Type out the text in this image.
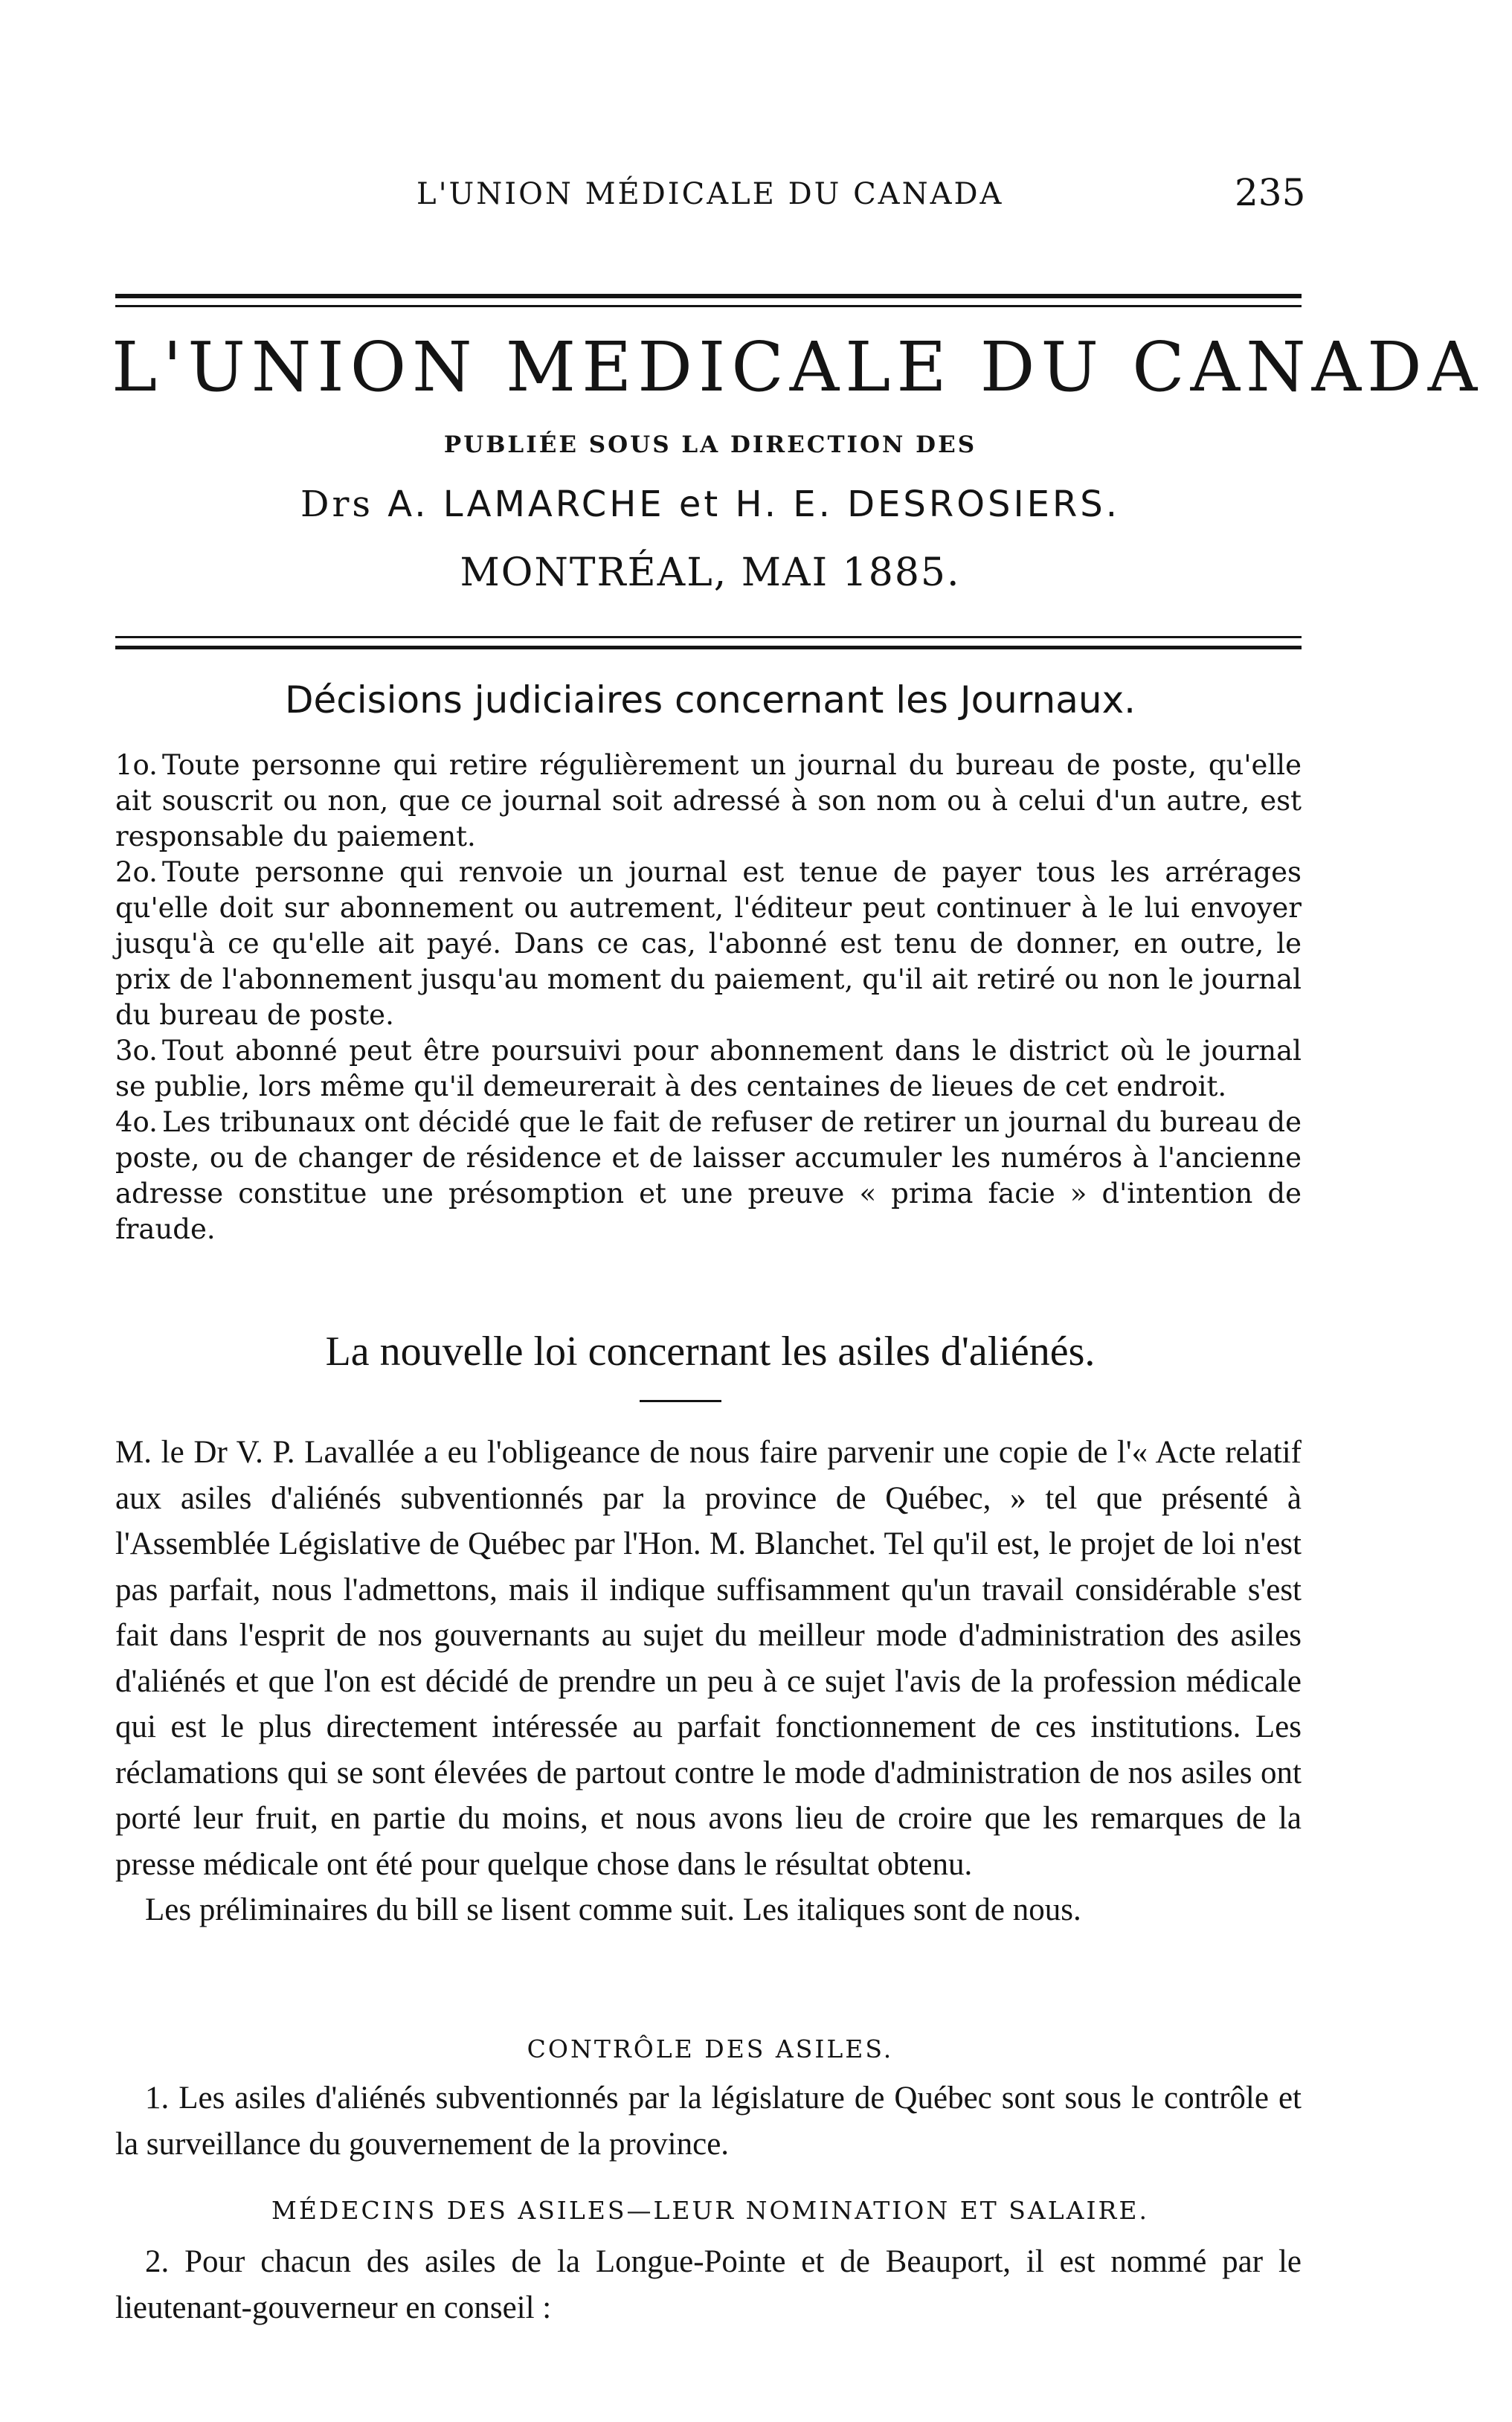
L'UNION MÉDICALE DU CANADA	235
L'UNION MEDICALE DU CANADA
PUBLIÉE SOUS LA DIRECTION DES
Drs A. LAMARCHE et H. E. DESROSIERS.
MONTRÉAL, MAI 1885.
Décisions judiciaires concernant les Journaux.

1o. Toute personne qui retire régulièrement un journal du bureau de poste, qu'elle ait souscrit ou non, que ce journal soit adressé à son nom ou à celui d'un autre, est responsable du paiement.

2o. Toute personne qui renvoie un journal est tenue de payer tous les arrérages qu'elle doit sur abonnement ou autrement, l'éditeur peut continuer à le lui envoyer jusqu'à ce qu'elle ait payé. Dans ce cas, l'abonné est tenu de donner, en outre, le prix de l'abonnement jusqu'au moment du paiement, qu'il ait retiré ou non le journal du bureau de poste.

3o. Tout abonné peut être poursuivi pour abonnement dans le district où le journal se publie, lors même qu'il demeurerait à des centaines de lieues de cet endroit.

4o. Les tribunaux ont décidé que le fait de refuser de retirer un journal du bureau de poste, ou de changer de résidence et de laisser accumuler les numéros à l'ancienne adresse constitue une présomption et une preuve « prima facie » d'intention de fraude.

La nouvelle loi concernant les asiles d'aliénés.

M. le Dr V. P. Lavallée a eu l'obligeance de nous faire parvenir une copie de l'« Acte relatif aux asiles d'aliénés subventionnés par la province de Québec, » tel que présenté à l'Assemblée Législative de Québec par l'Hon. M. Blanchet. Tel qu'il est, le projet de loi n'est pas parfait, nous l'admettons, mais il indique suffisamment qu'un travail considérable s'est fait dans l'esprit de nos gouvernants au sujet du meilleur mode d'administration des asiles d'aliénés et que l'on est décidé de prendre un peu à ce sujet l'avis de la profession médicale qui est le plus directement intéressée au parfait fonctionnement de ces institutions. Les réclamations qui se sont élevées de partout contre le mode d'administration de nos asiles ont porté leur fruit, en partie du moins, et nous avons lieu de croire que les remarques de la presse médicale ont été pour quelque chose dans le résultat obtenu.

Les préliminaires du bill se lisent comme suit. Les italiques sont de nous.

CONTRÔLE DES ASILES.

1. Les asiles d'aliénés subventionnés par la législature de Québec sont sous le contrôle et la surveillance du gouvernement de la province.

MÉDECINS DES ASILES—LEUR NOMINATION ET SALAIRE.

2. Pour chacun des asiles de la Longue-Pointe et de Beauport, il est nommé par le lieutenant-gouverneur en conseil :
